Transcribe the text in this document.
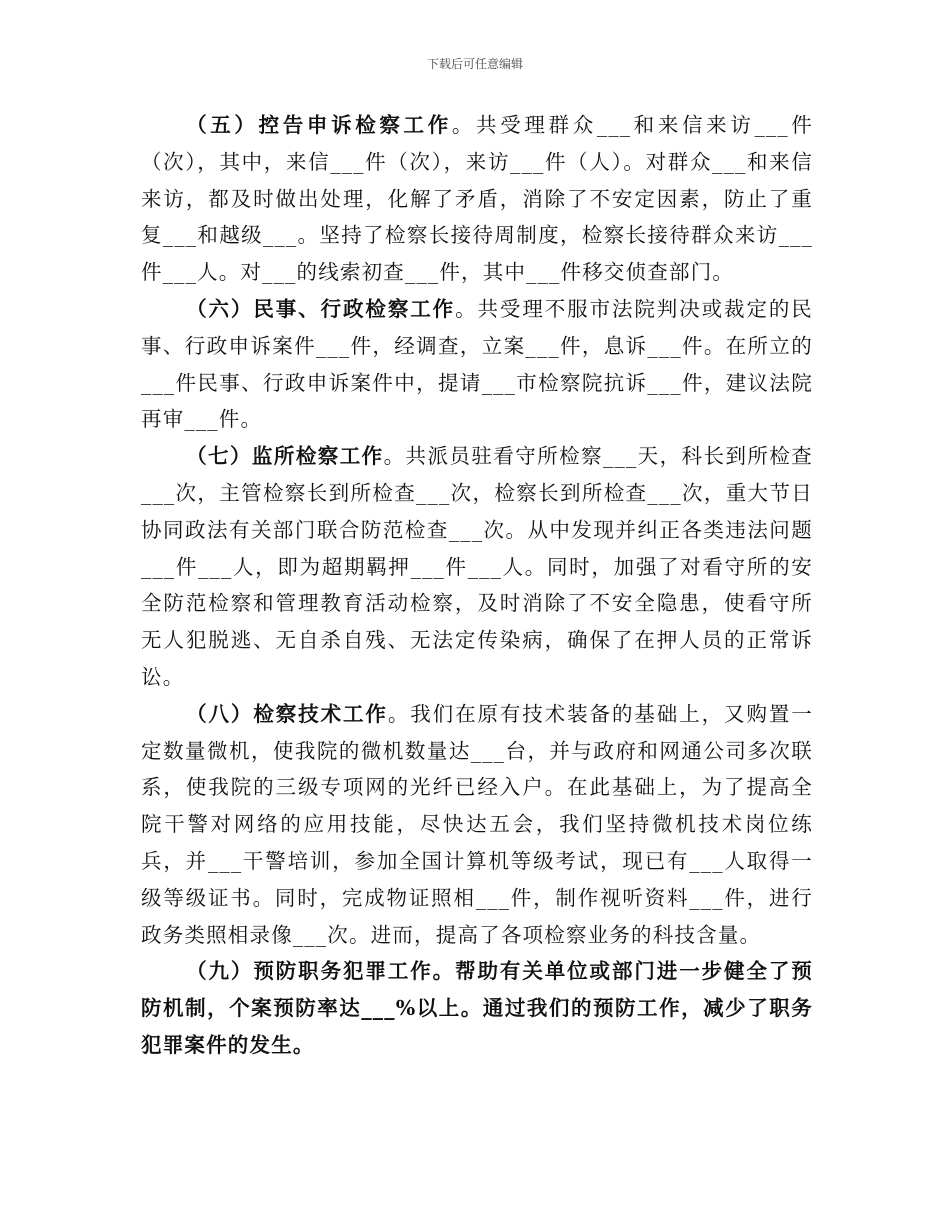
下载后可任意编辑

（五）控告申诉检察工作。共受理群众___和来信来访___件（次），其中，来信___件（次），来访___件（人）。对群众___和来信来访，都及时做出处理，化解了矛盾，消除了不安定因素，防止了重复___和越级___。坚持了检察长接待周制度，检察长接待群众来访___件___人。对___的线索初查___件，其中___件移交侦查部门。

（六）民事、行政检察工作。共受理不服市法院判决或裁定的民事、行政申诉案件___件，经调查，立案___件，息诉___件。在所立的___件民事、行政申诉案件中，提请___市检察院抗诉___件，建议法院再审___件。

（七）监所检察工作。共派员驻看守所检察___天，科长到所检查___次，主管检察长到所检查___次，检察长到所检查___次，重大节日协同政法有关部门联合防范检查___次。从中发现并纠正各类违法问题___件___人，即为超期羁押___件___人。同时，加强了对看守所的安全防范检察和管理教育活动检察，及时消除了不安全隐患，使看守所无人犯脱逃、无自杀自残、无法定传染病，确保了在押人员的正常诉讼。

（八）检察技术工作。我们在原有技术装备的基础上，又购置一定数量微机，使我院的微机数量达___台，并与政府和网通公司多次联系，使我院的三级专项网的光纤已经入户。在此基础上，为了提高全院干警对网络的应用技能，尽快达五会，我们坚持微机技术岗位练兵，并___干警培训，参加全国计算机等级考试，现已有___人取得一级等级证书。同时，完成物证照相___件，制作视听资料___件，进行政务类照相录像___次。进而，提高了各项检察业务的科技含量。

（九）预防职务犯罪工作。帮助有关单位或部门进一步健全了预防机制，个案预防率达___%以上。通过我们的预防工作，减少了职务犯罪案件的发生。
